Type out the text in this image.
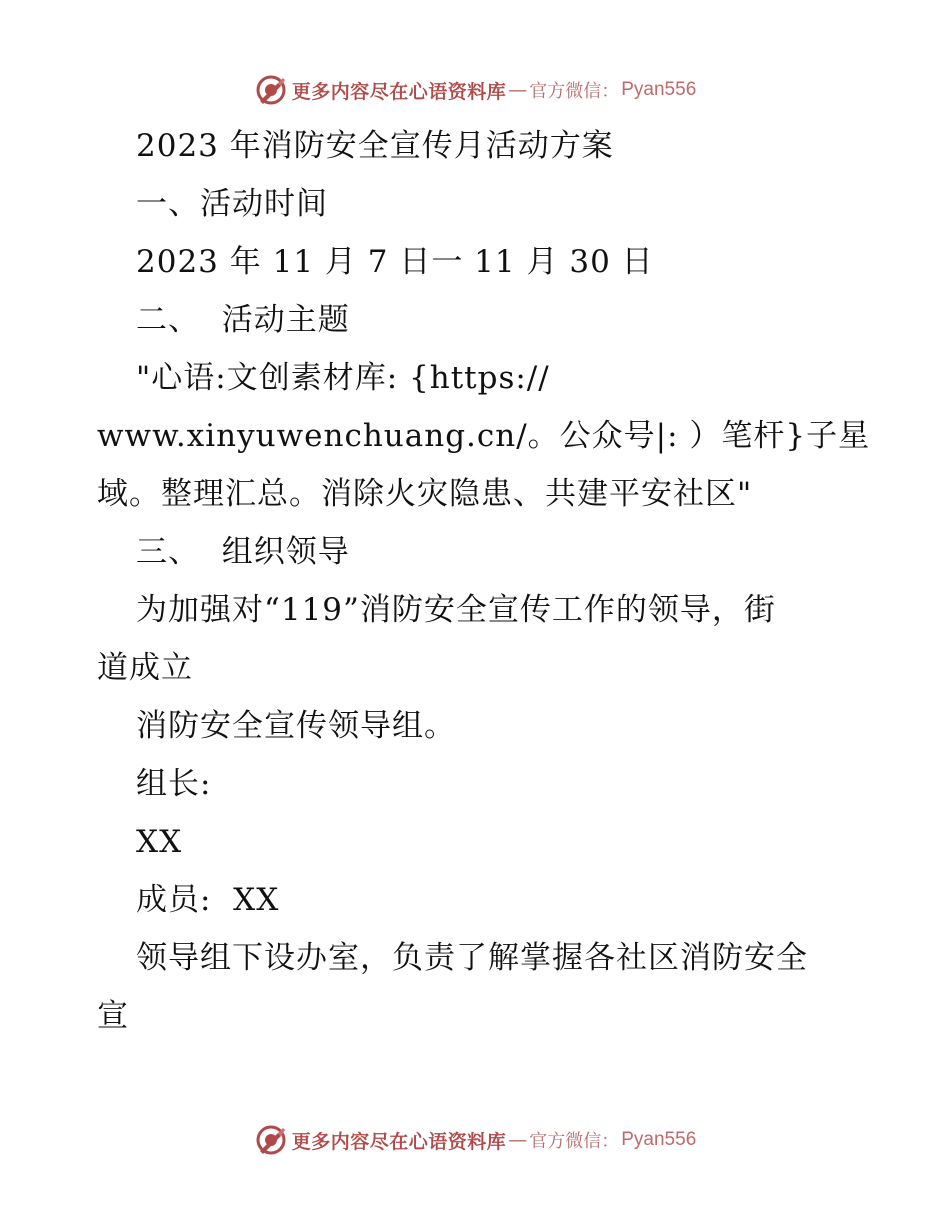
更多内容尽在心语资料库 — 官方微信： Pyan556
2023 年消防安全宣传月活动方案
一、活动时间
2023 年 11 月 7 日一 11 月 30 日
二、  活动主题
"心语:文创素材库: {https://
www.xinyuwenchuang.cn/。公众号|: ）笔杆}子星
域。整理汇总。消除火灾隐患、共建平安社区"
三、  组织领导
为加强对“119”消防安全宣传工作的领导，街
道成立
消防安全宣传领导组。
组长:
XX
成员:  XX
领导组下设办室，负责了解掌握各社区消防安全
宣
更多内容尽在心语资料库 — 官方微信： Pyan556
